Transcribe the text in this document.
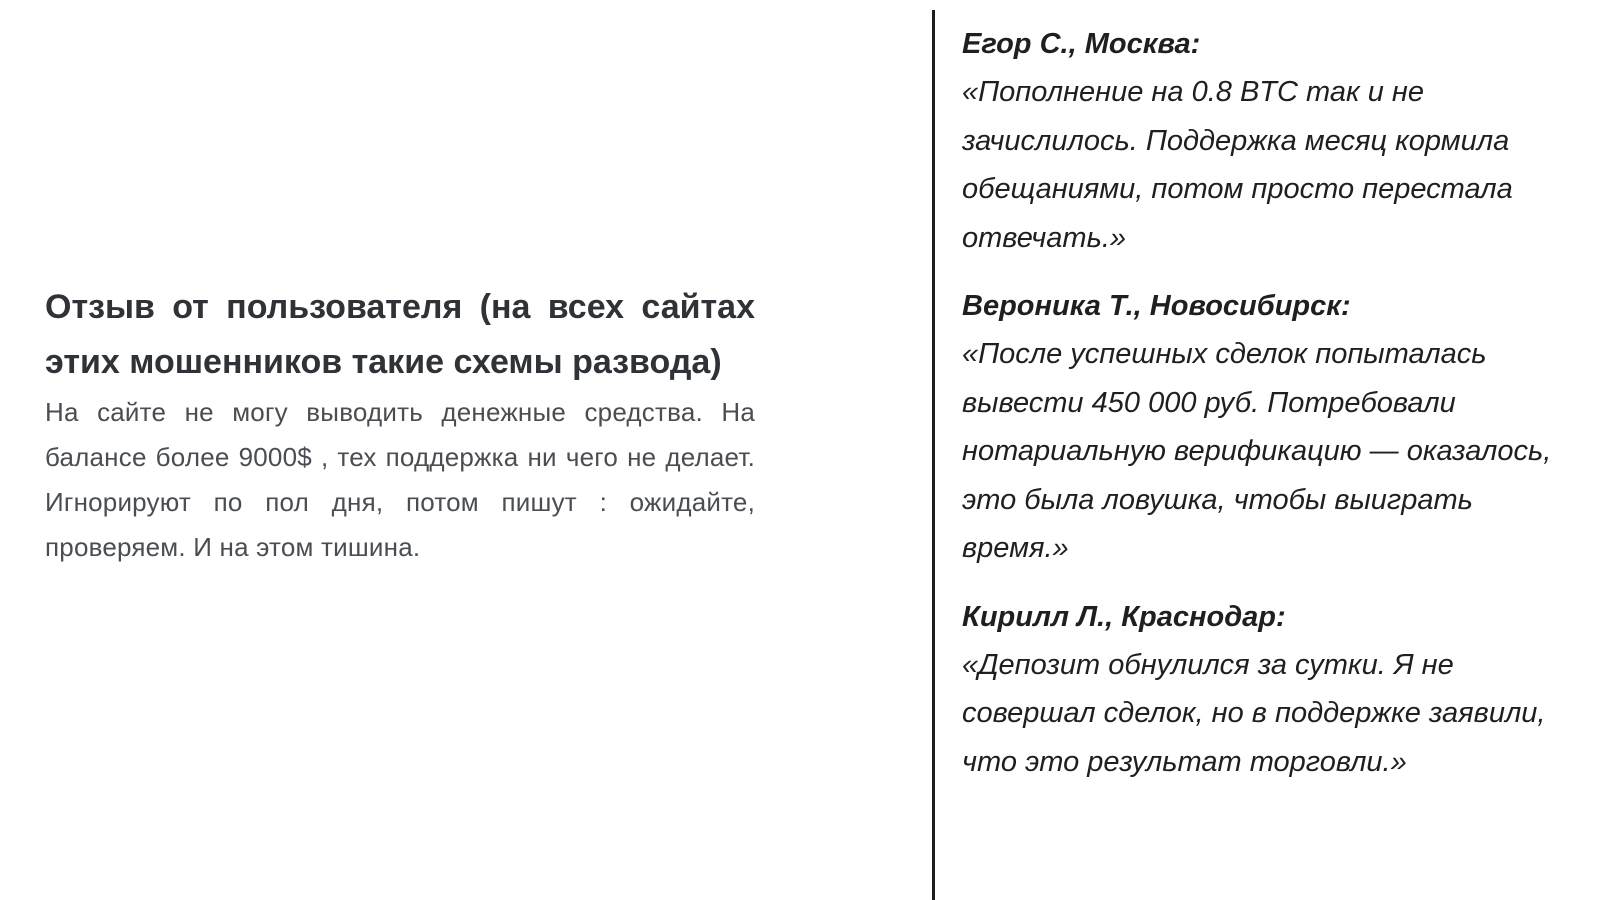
Отзыв от пользователя (на всех сайтах этих мошенников такие схемы развода)

На сайте не могу выводить денежные средства. На балансе более 9000$ , тех поддержка ни чего не делает. Игнорируют по пол дня, потом пишут : ожидайте, проверяем. И на этом тишина.

Егор С., Москва:

«Пополнение на 0.8 BTC так и не зачислилось. Поддержка месяц кормила обещаниями, потом просто перестала отвечать.»

Вероника Т., Новосибирск:

«После успешных сделок попыталась вывести 450 000 руб. Потребовали нотариальную верификацию — оказалось, это была ловушка, чтобы выиграть время.»

Кирилл Л., Краснодар:

«Депозит обнулился за сутки. Я не совершал сделок, но в поддержке заявили, что это результат торговли.»
